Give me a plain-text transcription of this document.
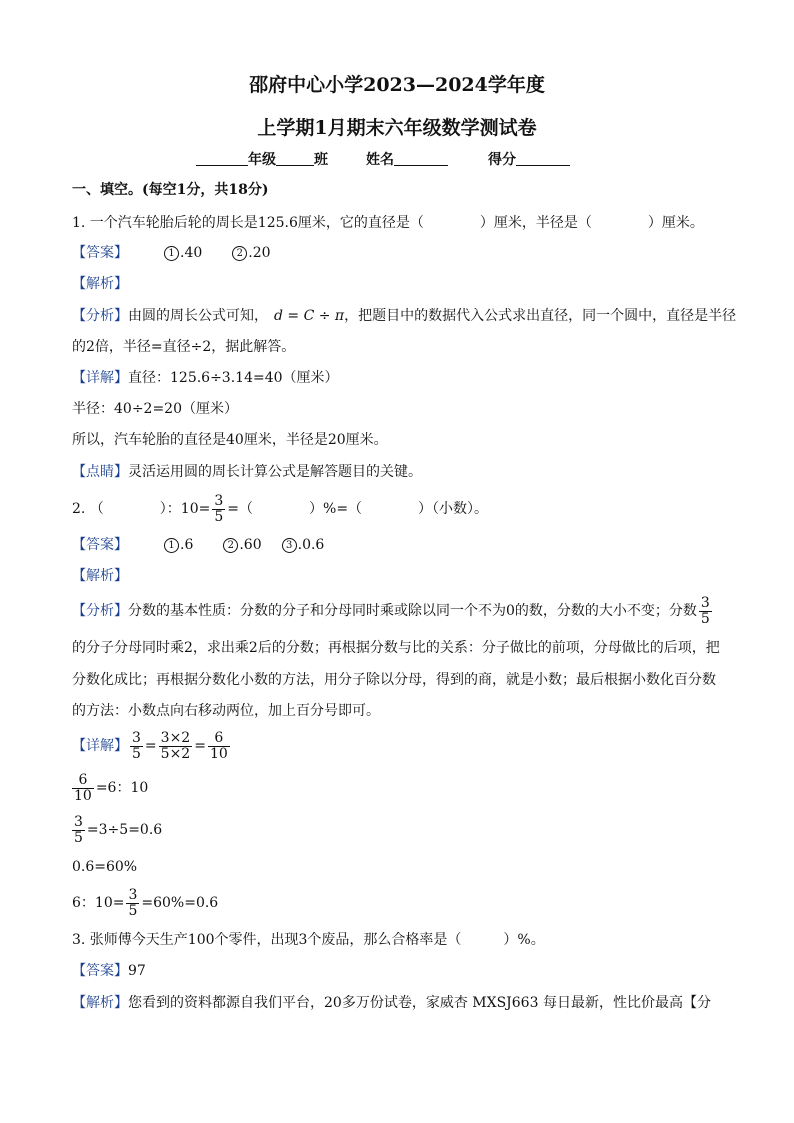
邵府中心小学2023—2024学年度
上学期1月期末六年级数学测试卷
年级	班	姓名	得分
一、填空。(每空1分，共18分)
1. 一个汽车轮胎后轮的周长是125.6厘米，它的直径是（　　　　）厘米，半径是（　　　　）厘米。
【答案】	1 .40	2 .20
【解析】
【分析】由圆的周长公式可知， d = C ÷ π，把题目中的数据代入公式求出直径，同一个圆中，直径是半径
的2倍，半径=直径÷2，据此解答。
【详解】直径：125.6÷3.14=40（厘米）
半径：40÷2=20（厘米）
所以，汽车轮胎的直径是40厘米，半径是20厘米。
【点睛】灵活运用圆的周长计算公式是解答题目的关键。
2. （　　　　）：$10= \frac{3}{5}$ =（　　　　）%=（　　　　）（小数）。
【答案】	1 .6	2 .60 3 .0.6
【解析】
【分析】分数的基本性质：分数的分子和分母同时乘或除以同一个不为0的数，分数的大小不变；分数 $\frac{3}{5}$
的分子分母同时乘2，求出乘2后的分数；再根据分数与比的关系：分子做比的前项，分母做比的后项，把
分数化成比；再根据分数化小数的方法，用分子除以分母，得到的商，就是小数；最后根据小数化百分数
的方法：小数点向右移动两位，加上百分号即可。
【详解】 $\frac{3}{5} = \frac{3\times 2}{5\times 2} = \frac{6}{10}$
$\frac{6}{10} =6$：10
$\frac{3}{5} =3\div 5=0.6$
0.6=60%
6：$10= \frac{3}{5} =60\%=0.6$
3. 张师傅今天生产100个零件，出现3个废品，那么合格率是（　　　）%。
【答案】97
【解析】您看到的资料都源自我们平台，20多万份试卷，家威杏 MXSJ663 每日最新，性比价最高【分
